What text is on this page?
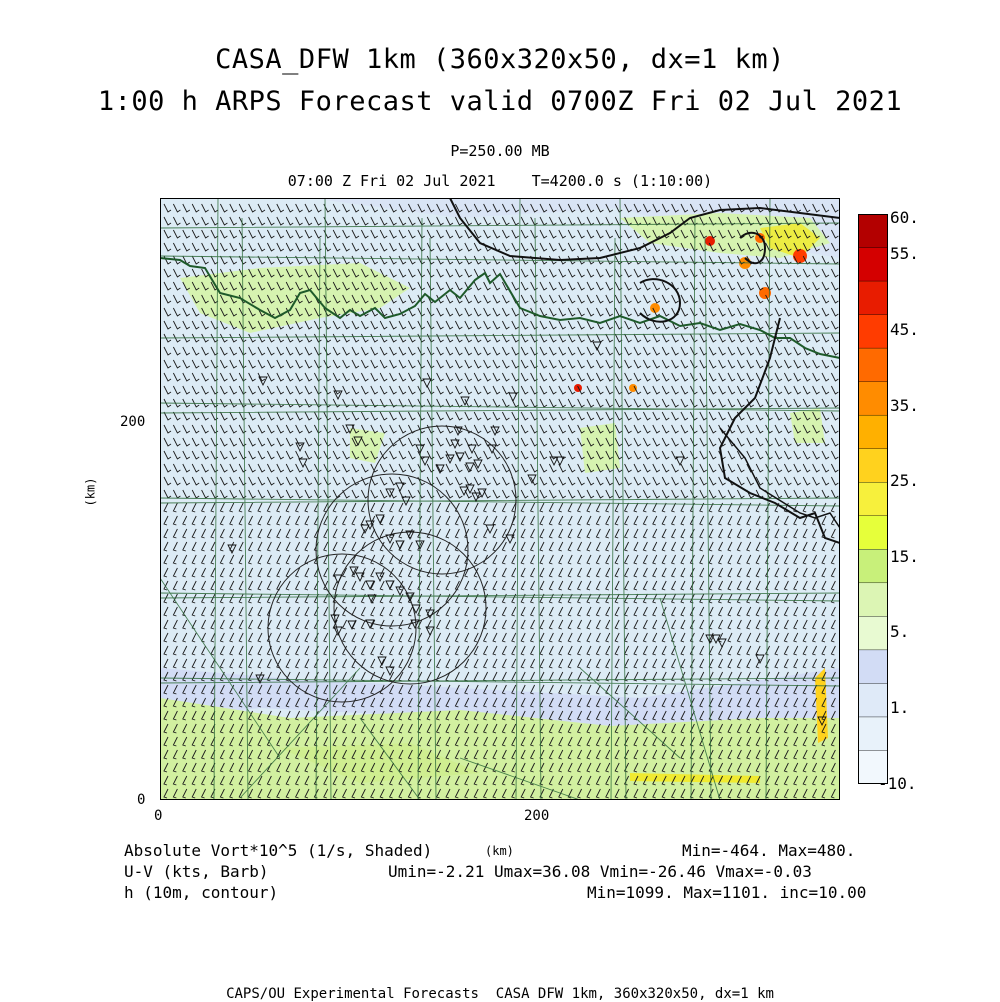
CASA_DFW 1km (360x320x50, dx=1 km)
1:00 h ARPS Forecast valid 0700Z Fri 02 Jul 2021
P=250.00 MB
07:00 Z Fri 02 Jul 2021    T=4200.0 s (1:10:00)
(km)
200
0
0	200
(km)
60.
55.
45.
35.
25.
15.
5.
1.
-10.
Absolute Vort*10^5 (1/s, Shaded)	Min=-464. Max=480.
U-V (kts, Barb)	Umin=-2.21 Umax=36.08 Vmin=-26.46 Vmax=-0.03
h (10m, contour)	Min=1099. Max=1101. inc=10.00
CAPS/OU Experimental Forecasts  CASA DFW 1km, 360x320x50, dx=1 km
